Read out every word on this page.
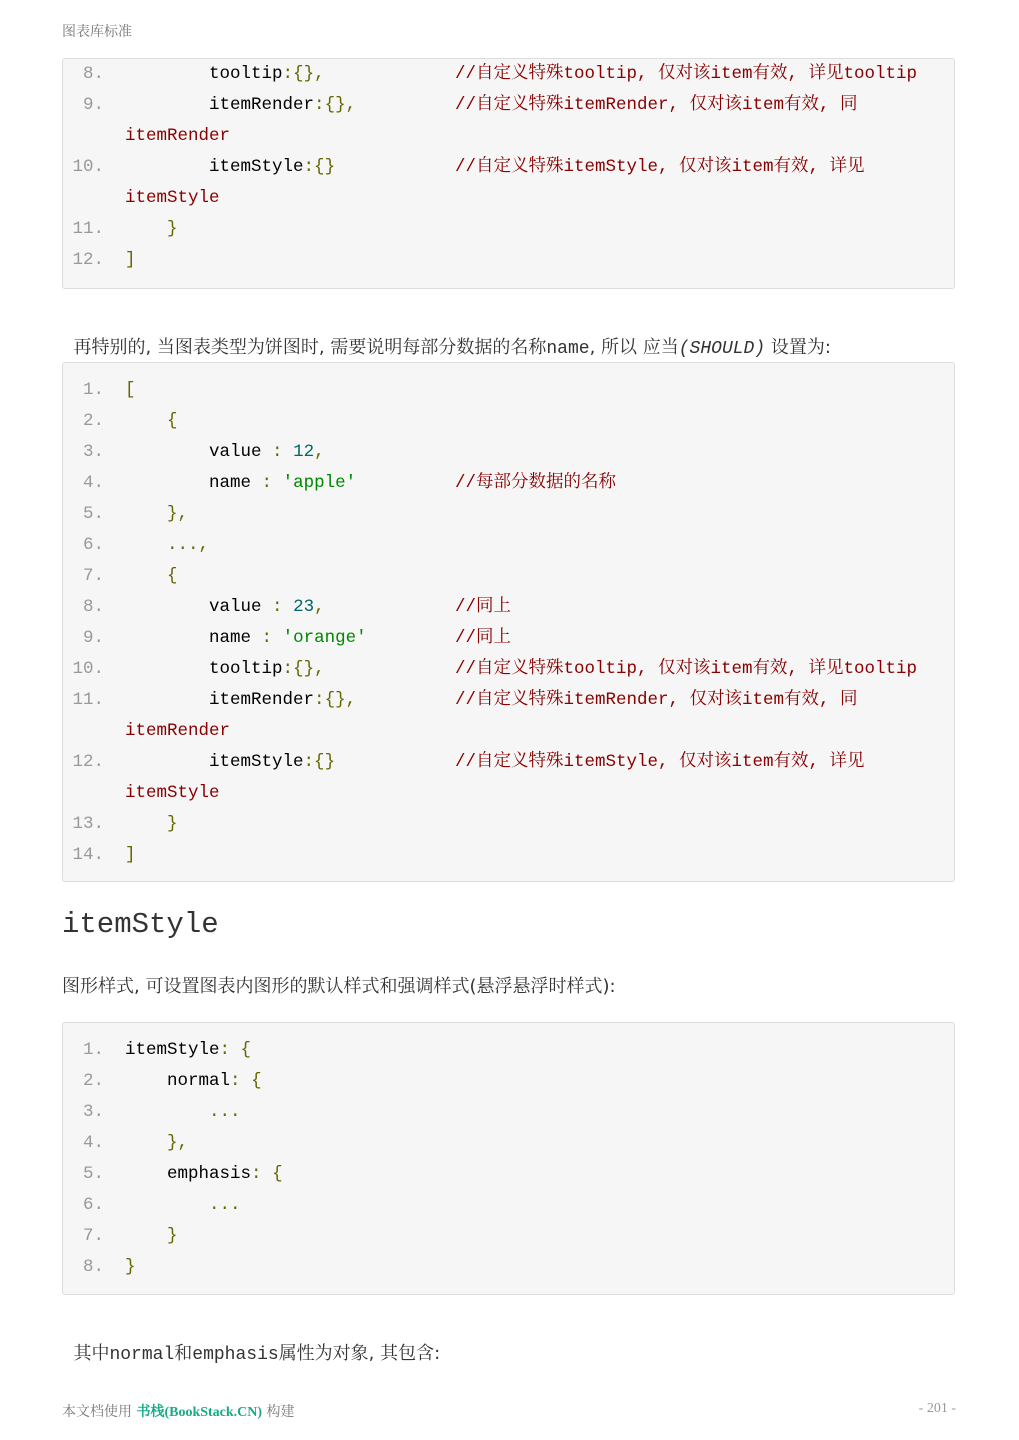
图表库标准
8.	tooltip:{},	//自定义特殊tooltip, 仅对该item有效, 详见tooltip
9.	itemRender:{},	//自定义特殊itemRender, 仅对该item有效, 同
itemRender
10.	itemStyle:{}	//自定义特殊itemStyle, 仅对该item有效, 详见
itemStyle
11.	}
12. ]

再特别的, 当图表类型为饼图时, 需要说明每部分数据的名称name, 所以 应当(SHOULD) 设置为:

1. [
2.	{
3.	value : 12,
4.	name : 'apple'	//每部分数据的名称
5.	},
6.	...,
7.	{
8.	value : 23,	//同上
9.	name : 'orange'	//同上
10.	tooltip:{},	//自定义特殊tooltip, 仅对该item有效, 详见tooltip
11.	itemRender:{},	//自定义特殊itemRender, 仅对该item有效, 同
itemRender
12.	itemStyle:{}	//自定义特殊itemStyle, 仅对该item有效, 详见
itemStyle
13.	}
14. ]
itemStyle
图形样式, 可设置图表内图形的默认样式和强调样式(悬浮悬浮时样式):
1. itemStyle: {
2.	normal: {
3.	...
4.	},
5.	emphasis: {
6.	...
7.	}
8. }

其中normal和emphasis属性为对象, 其包含:

本文档使用 书栈(BookStack.CN) 构建	- 201 -
